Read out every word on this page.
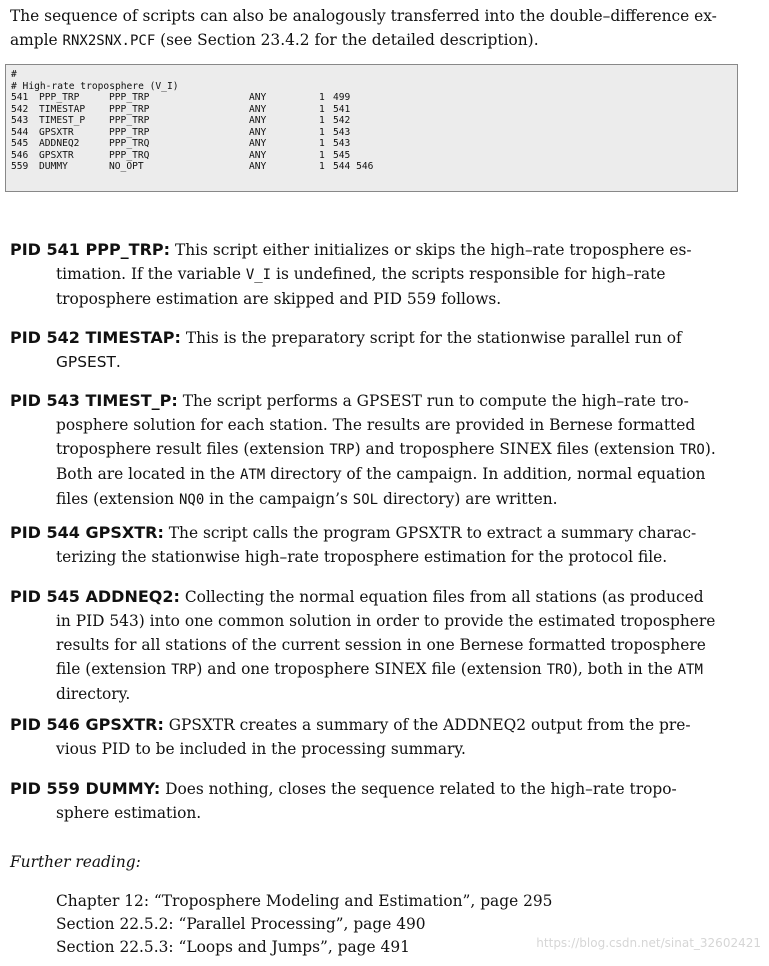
The sequence of scripts can also be analogously transferred into the double–difference ex-
ample RNX2SNX.PCF (see Section 23.4.2 for the detailed description).
#
# High-rate troposphere (V_I)
541 PPP_TRP	PPP_TRP	ANY	1 499
542 TIMESTAP PPP_TRP	ANY	1 541
543 TIMEST_P PPP_TRP	ANY	1 542
544 GPSXTR	PPP_TRP	ANY	1 543
545 ADDNEQ2	PPP_TRQ	ANY	1 543
546 GPSXTR	PPP_TRQ	ANY	1 545
559 DUMMY	NO_OPT	ANY	1 544 546
PID 541 PPP_TRP: This script either initializes or skips the high–rate troposphere es-
timation. If the variable V_I is undefined, the scripts responsible for high–rate
troposphere estimation are skipped and PID 559 follows.
PID 542 TIMESTAP: This is the preparatory script for the stationwise parallel run of
GPSEST.
PID 543 TIMEST_P: The script performs a GPSEST run to compute the high–rate tro-
posphere solution for each station. The results are provided in Bernese formatted
troposphere result files (extension TRP) and troposphere SINEX files (extension TRO).
Both are located in the ATM directory of the campaign. In addition, normal equation
files (extension NQ0 in the campaign’s SOL directory) are written.
PID 544 GPSXTR: The script calls the program GPSXTR to extract a summary charac-
terizing the stationwise high–rate troposphere estimation for the protocol file.
PID 545 ADDNEQ2: Collecting the normal equation files from all stations (as produced
in PID 543) into one common solution in order to provide the estimated troposphere
results for all stations of the current session in one Bernese formatted troposphere
file (extension TRP) and one troposphere SINEX file (extension TRO), both in the ATM
directory.
PID 546 GPSXTR: GPSXTR creates a summary of the ADDNEQ2 output from the pre-
vious PID to be included in the processing summary.
PID 559 DUMMY: Does nothing, closes the sequence related to the high–rate tropo-
sphere estimation.
Further reading:
Chapter 12: “Troposphere Modeling and Estimation”, page 295
Section 22.5.2: “Parallel Processing”, page 490
Section 22.5.3: “Loops and Jumps”, page 491	https://blog.csdn.net/sinat_32602421
